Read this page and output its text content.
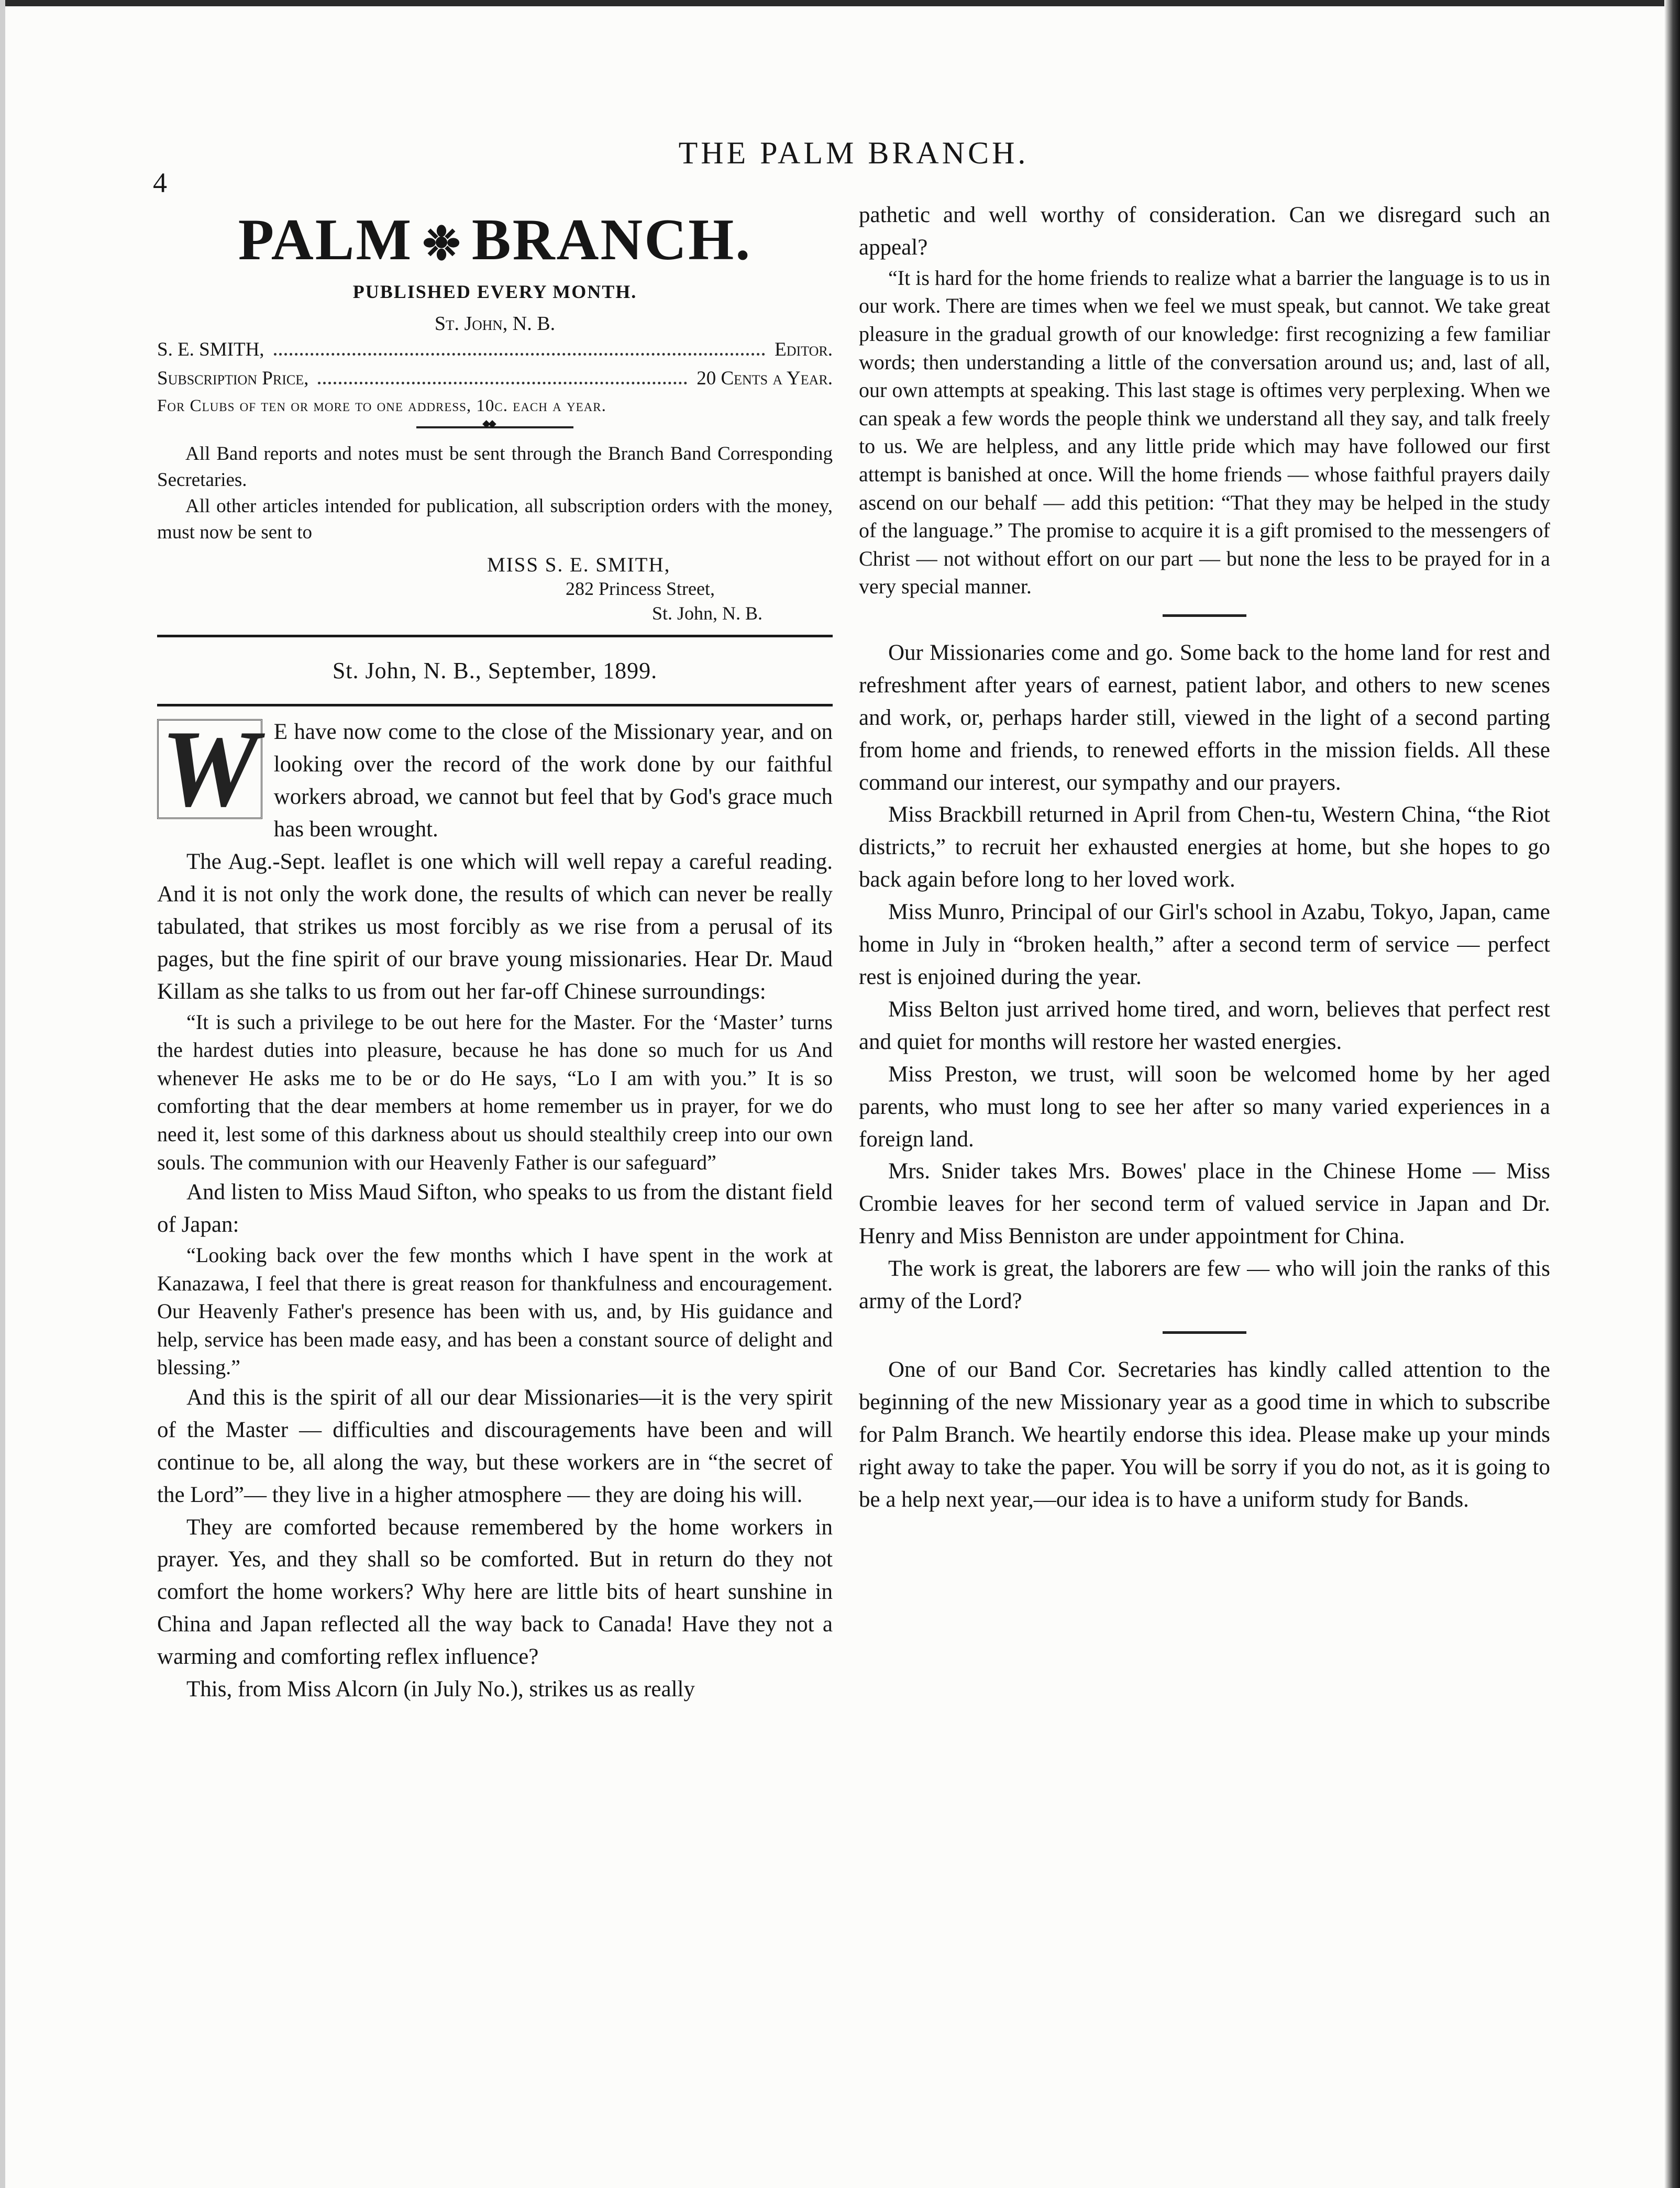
THE PALM BRANCH.
4
PALM ❉ BRANCH.
PUBLISHED EVERY MONTH.
St. John, N. B.
S. E. SMITH,	Editor.
Subscription Price,	20 Cents a Year.
For Clubs of ten or more to one address, 10c. each a year.
◆◆

All Band reports and notes must be sent through the Branch Band Corresponding Secretaries.

All other articles intended for publication, all subscription orders with the money, must now be sent to

MISS S. E. SMITH,
282 Princess Street,
St. John, N. B.
St. John, N. B., September, 1899.
W E have now come to the close of the Missionary year, and on looking over the record of the work done by our faithful workers abroad, we cannot but feel that by God's grace much has been wrought.

The Aug.-Sept. leaflet is one which will well repay a careful reading. And it is not only the work done, the results of which can never be really tabulated, that strikes us most forcibly as we rise from a perusal of its pages, but the fine spirit of our brave young missionaries. Hear Dr. Maud Killam as she talks to us from out her far-off Chinese surroundings:

“It is such a privilege to be out here for the Master. For the ‘Master’ turns the hardest duties into pleasure, because he has done so much for us And whenever He asks me to be or do He says, “Lo I am with you.” It is so comforting that the dear members at home remember us in prayer, for we do need it, lest some of this darkness about us should stealthily creep into our own souls. The communion with our Heavenly Father is our safeguard”

And listen to Miss Maud Sifton, who speaks to us from the distant field of Japan:

“Looking back over the few months which I have spent in the work at Kanazawa, I feel that there is great reason for thankfulness and encouragement. Our Heavenly Father's presence has been with us, and, by His guidance and help, service has been made easy, and has been a constant source of delight and blessing.”

And this is the spirit of all our dear Missionaries—it is the very spirit of the Master — difficulties and discouragements have been and will continue to be, all along the way, but these workers are in “the secret of the Lord”— they live in a higher atmosphere — they are doing his will.

They are comforted because remembered by the home workers in prayer. Yes, and they shall so be comforted. But in return do they not comfort the home workers? Why here are little bits of heart sunshine in China and Japan reflected all the way back to Canada! Have they not a warming and comforting reflex influence?

This, from Miss Alcorn (in July No.), strikes us as really

pathetic and well worthy of consideration. Can we disregard such an appeal?

“It is hard for the home friends to realize what a barrier the language is to us in our work. There are times when we feel we must speak, but cannot. We take great pleasure in the gradual growth of our knowledge: first recognizing a few familiar words; then understanding a little of the conversation around us; and, last of all, our own attempts at speaking. This last stage is oftimes very perplexing. When we can speak a few words the people think we understand all they say, and talk freely to us. We are helpless, and any little pride which may have followed our first attempt is banished at once. Will the home friends — whose faithful prayers daily ascend on our behalf — add this petition: “That they may be helped in the study of the language.” The promise to acquire it is a gift promised to the messengers of Christ — not without effort on our part — but none the less to be prayed for in a very special manner.

Our Missionaries come and go. Some back to the home land for rest and refreshment after years of earnest, patient labor, and others to new scenes and work, or, perhaps harder still, viewed in the light of a second parting from home and friends, to renewed efforts in the mission fields. All these command our interest, our sympathy and our prayers.

Miss Brackbill returned in April from Chen-tu, Western China, “the Riot districts,” to recruit her exhausted energies at home, but she hopes to go back again before long to her loved work.

Miss Munro, Principal of our Girl's school in Azabu, Tokyo, Japan, came home in July in “broken health,” after a second term of service — perfect rest is enjoined during the year.

Miss Belton just arrived home tired, and worn, believes that perfect rest and quiet for months will restore her wasted energies.

Miss Preston, we trust, will soon be welcomed home by her aged parents, who must long to see her after so many varied experiences in a foreign land.

Mrs. Snider takes Mrs. Bowes' place in the Chinese Home — Miss Crombie leaves for her second term of valued service in Japan and Dr. Henry and Miss Benniston are under appointment for China.

The work is great, the laborers are few — who will join the ranks of this army of the Lord?

One of our Band Cor. Secretaries has kindly called attention to the beginning of the new Missionary year as a good time in which to subscribe for Palm Branch. We heartily endorse this idea. Please make up your minds right away to take the paper. You will be sorry if you do not, as it is going to be a help next year,—our idea is to have a uniform study for Bands.
